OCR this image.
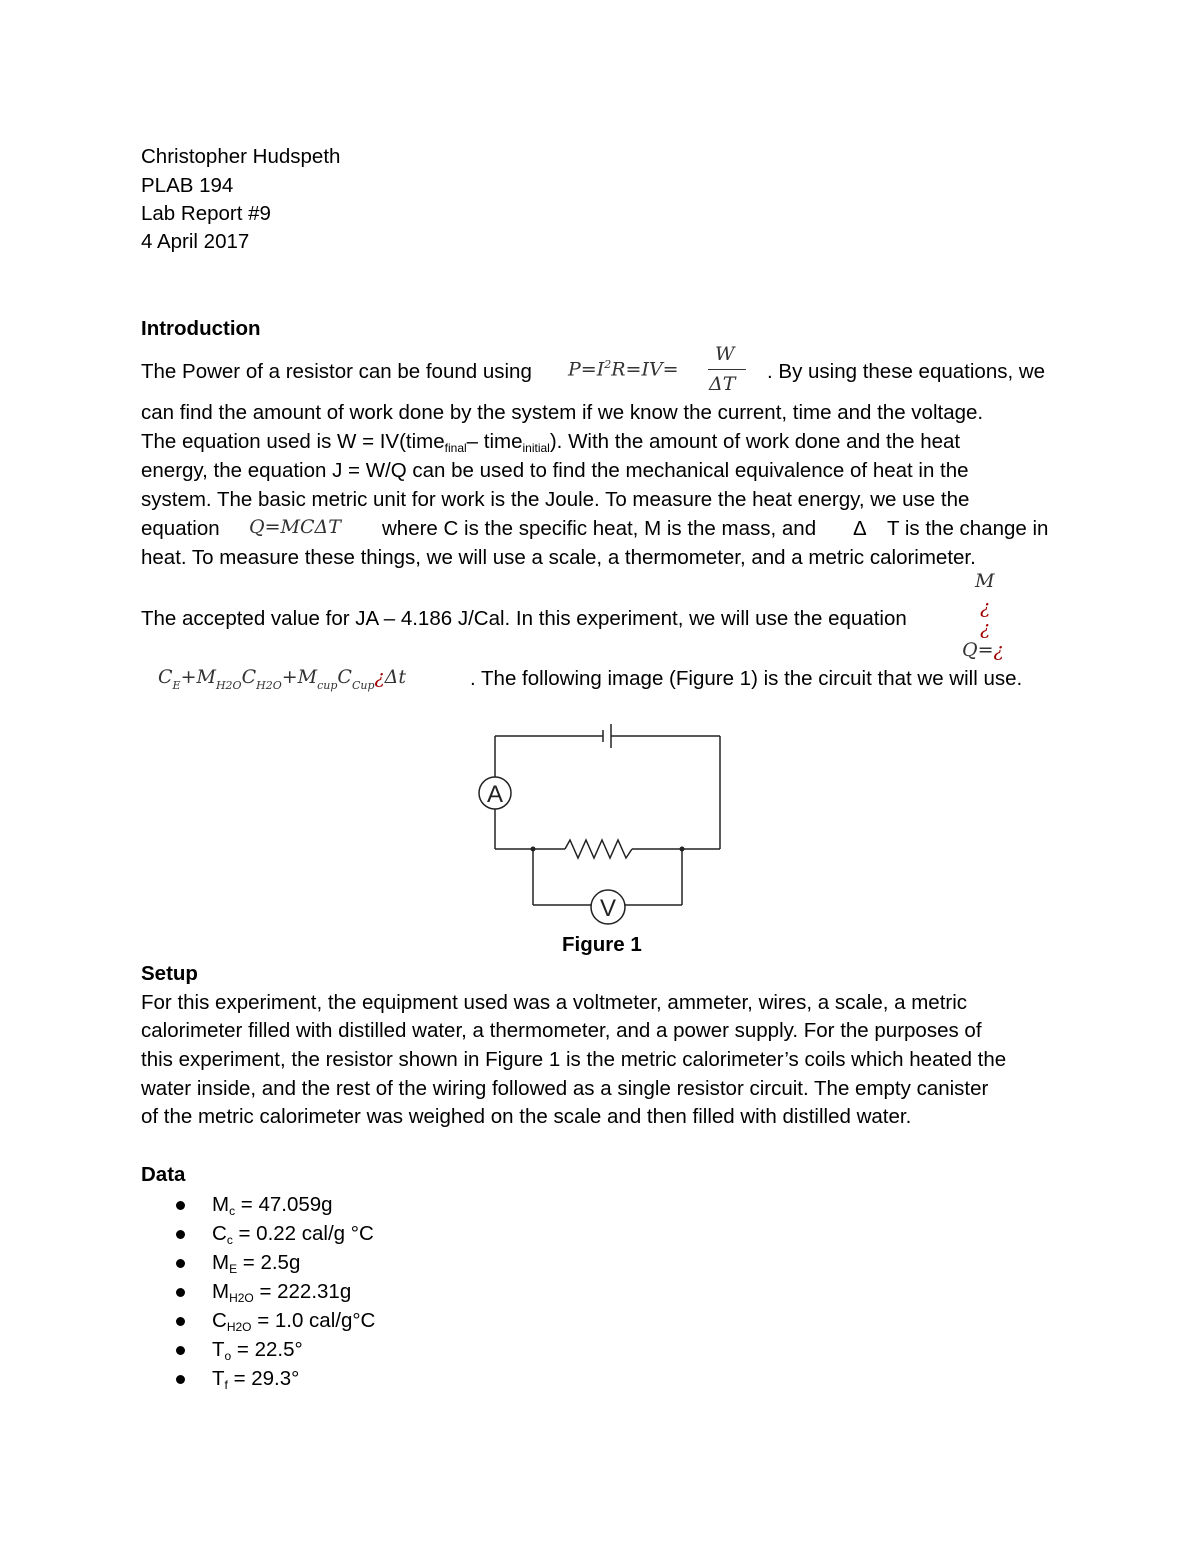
Christopher Hudspeth
PLAB 194
Lab Report #9
4 April 2017
Introduction
The Power of a resistor can be found using $P=I^2R=IV=$
W
ΔT
. By using these equations, we
can find the amount of work done by the system if we know the current, time and the voltage.
The equation used is W = IV(time$_{final}$– time$_{initial}$). With the amount of work done and the heat
energy, the equation J = W/Q can be used to find the mechanical equivalence of heat in the
system. The basic metric unit for work is the Joule. To measure the heat energy, we use the
equation Q=MCΔT where C is the specific heat, M is the mass, and Δ T is the change in
heat. To measure these things, we will use a scale, a thermometer, and a metric calorimeter.
M
The accepted value for JA – 4.186 J/Cal. In this experiment, we will use the equation	¿
¿
Q=¿
$C_E+M_{H2O}C_{H2O}+M_{cup}C_{Cup}¿\Delta t$	. The following image (Figure 1) is the circuit that we will use.
A
V
Figure 1
Setup
For this experiment, the equipment used was a voltmeter, ammeter, wires, a scale, a metric
calorimeter filled with distilled water, a thermometer, and a power supply. For the purposes of
this experiment, the resistor shown in Figure 1 is the metric calorimeter’s coils which heated the
water inside, and the rest of the wiring followed as a single resistor circuit. The empty canister
of the metric calorimeter was weighed on the scale and then filled with distilled water.
Data
$M_c = 47.059g$
$C_c = 0.22$ cal/g °C
$M_E = 2.5g$
$M_{H2O} = 222.31g$
$C_{H2O} = 1.0$ cal/g°C
$T_o = 22.5^\circ$
$T_f = 29.3^\circ$
